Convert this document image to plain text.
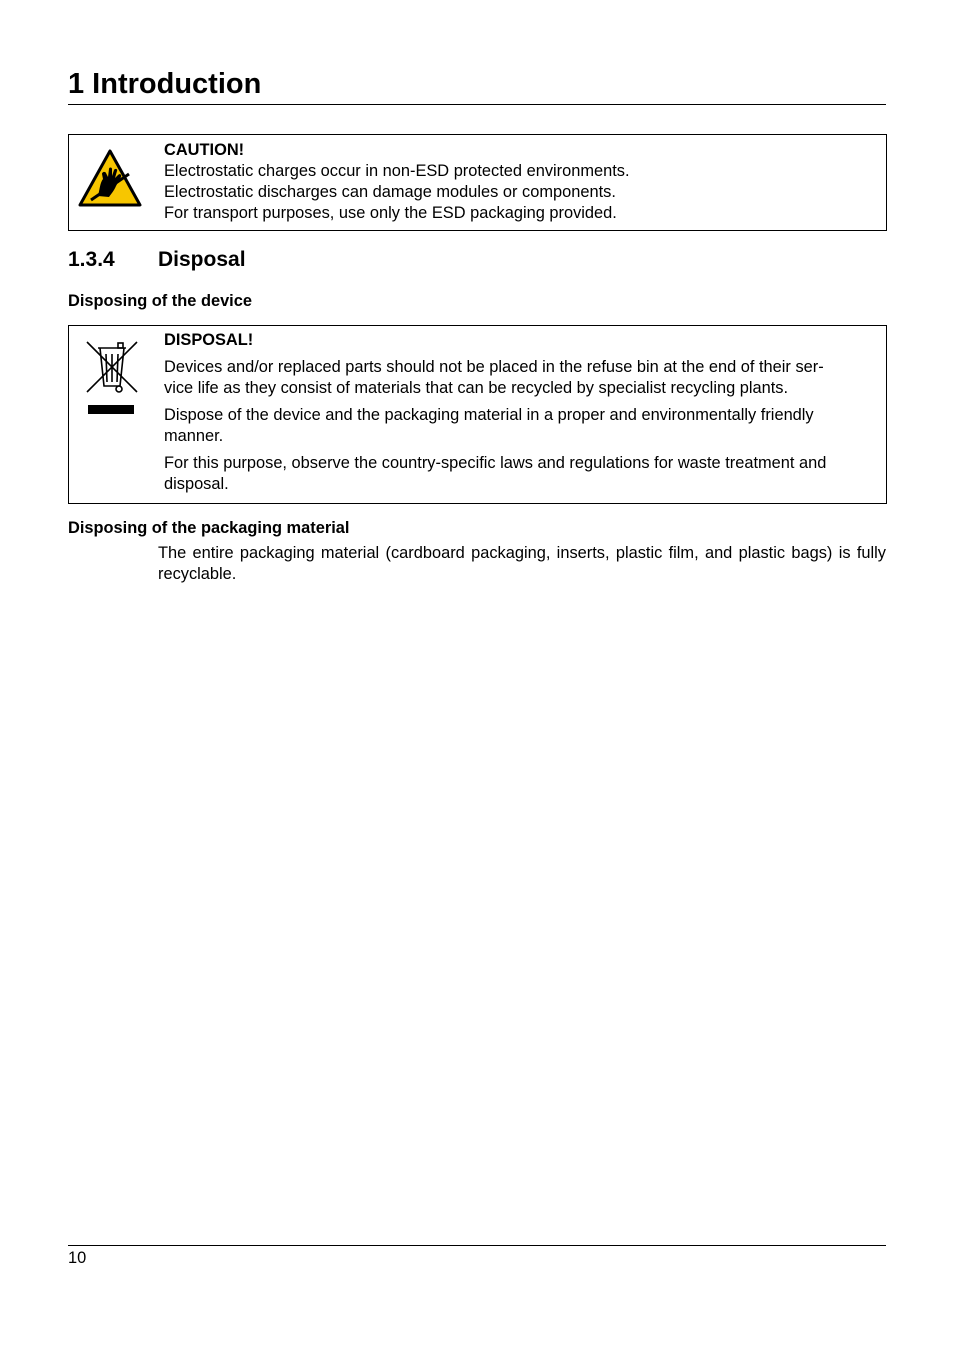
1 Introduction

CAUTION!

Electrostatic charges occur in non-ESD protected environments.

Electrostatic discharges can damage modules or components.

For transport purposes, use only the ESD packaging provided.

1.3.4 Disposal
Disposing of the device

DISPOSAL!

Devices and/or replaced parts should not be placed in the refuse bin at the end of their ser-
vice life as they consist of materials that can be recycled by specialist recycling plants.

Dispose of the device and the packaging material in a proper and environmentally friendly
manner.

For this purpose, observe the country-specific laws and regulations for waste treatment and
disposal.

Disposing of the packaging material
The entire packaging material (cardboard packaging, inserts, plastic film, and plastic bags) is fully recyclable.
10
